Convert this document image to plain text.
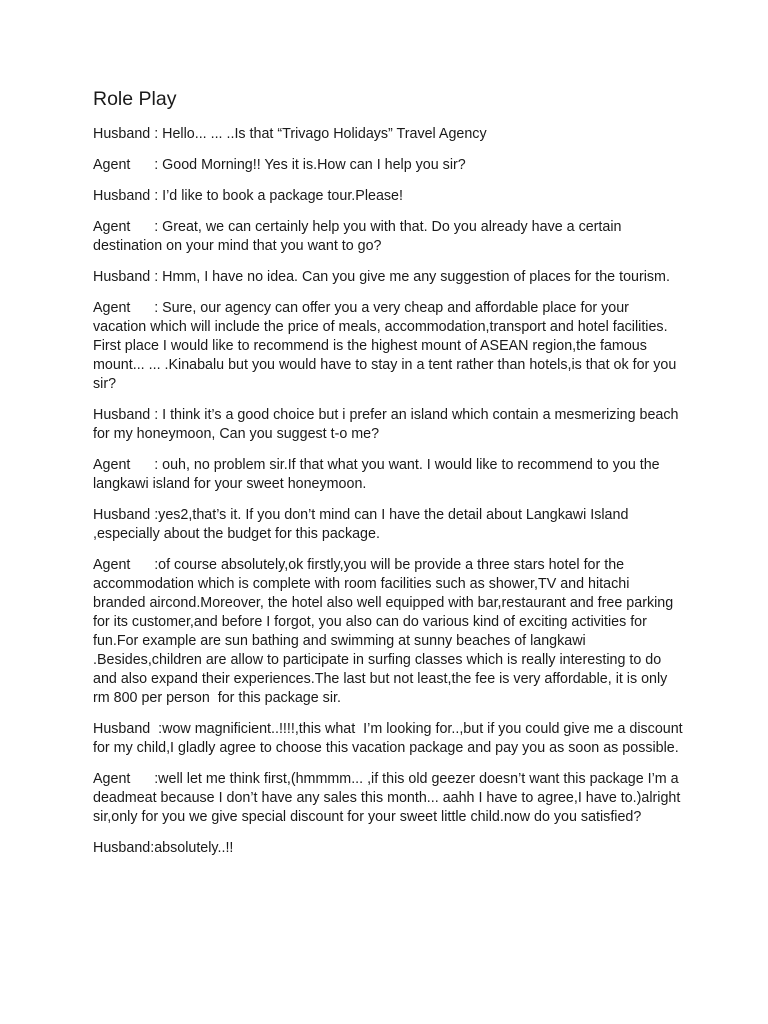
Role Play
Husband : Hello... ... ..Is that “Trivago Holidays” Travel Agency
Agent      : Good Morning!! Yes it is.How can I help you sir?
Husband : I’d like to book a package tour.Please!
Agent      : Great, we can certainly help you with that. Do you already have a certain destination on your mind that you want to go?
Husband : Hmm, I have no idea. Can you give me any suggestion of places for the tourism.
Agent      : Sure, our agency can offer you a very cheap and affordable place for your vacation which will include the price of meals, accommodation,transport and hotel facilities. First place I would like to recommend is the highest mount of ASEAN region,the famous mount... ... .Kinabalu but you would have to stay in a tent rather than hotels,is that ok for you sir?
Husband : I think it’s a good choice but i prefer an island which contain a mesmerizing beach for my honeymoon, Can you suggest t-o me?
Agent      : ouh, no problem sir.If that what you want. I would like to recommend to you the langkawi island for your sweet honeymoon.
Husband :yes2,that’s it. If you don’t mind can I have the detail about Langkawi Island ,especially about the budget for this package.
Agent      :of course absolutely,ok firstly,you will be provide a three stars hotel for the accommodation which is complete with room facilities such as shower,TV and hitachi branded aircond.Moreover, the hotel also well equipped with bar,restaurant and free parking for its customer,and before I forgot, you also can do various kind of exciting activities for fun.For example are sun bathing and swimming at sunny beaches of langkawi .Besides,children are allow to participate in surfing classes which is really interesting to do and also expand their experiences.The last but not least,the fee is very affordable, it is only rm 800 per person  for this package sir.
Husband  :wow magnificient..!!!!,this what  I’m looking for..,but if you could give me a discount for my child,I gladly agree to choose this vacation package and pay you as soon as possible.
Agent      :well let me think first,(hmmmm... ,if this old geezer doesn’t want this package I’m a deadmeat because I don’t have any sales this month... aahh I have to agree,I have to.)alright sir,only for you we give special discount for your sweet little child.now do you satisfied?
Husband:absolutely..!!
